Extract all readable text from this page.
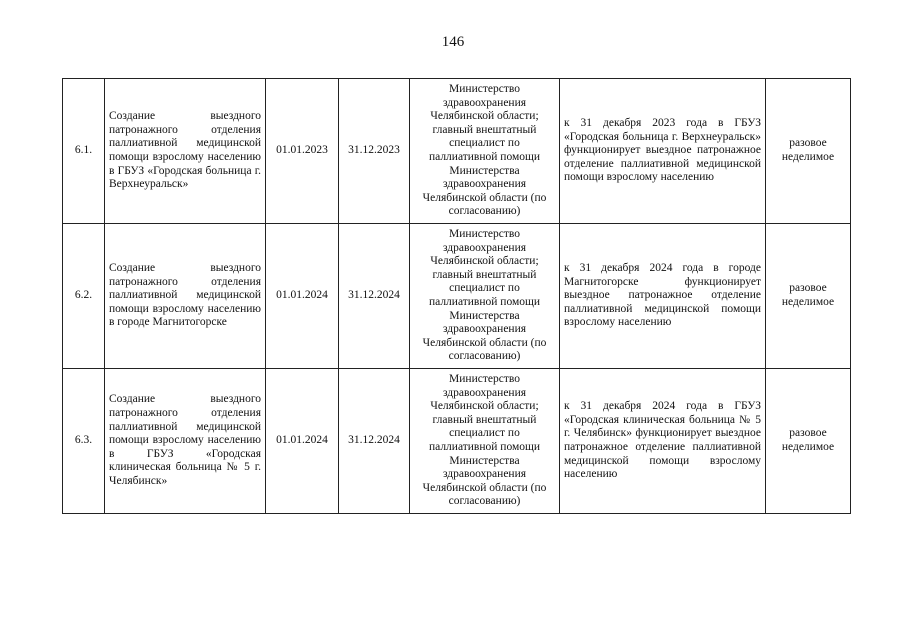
146
6.1.	Создание выездного патронажного отделения паллиативной медицинской помощи взрослому населению в ГБУЗ «Городская больница г. Верхнеуральск»	01.01.2023	31.12.2023	Министерство здравоохранения Челябинской области; главный внештатный специалист по паллиативной помощи Министерства здравоохранения Челябинской области (по согласованию)	к 31 декабря 2023 года в ГБУЗ «Городская больница г. Верхнеуральск» функционирует выездное патронажное отделение паллиативной медицинской помощи взрослому населению	разовое неделимое
6.2.	Создание выездного патронажного отделения паллиативной медицинской помощи взрослому населению в городе Магнитогорске	01.01.2024	31.12.2024	Министерство здравоохранения Челябинской области; главный внештатный специалист по паллиативной помощи Министерства здравоохранения Челябинской области (по согласованию)	к 31 декабря 2024 года в городе Магнитогорске функционирует выездное патронажное отделение паллиативной медицинской помощи взрослому населению	разовое неделимое
6.3.	Создание выездного патронажного отделения паллиативной медицинской помощи взрослому населению в ГБУЗ «Городская клиническая больница № 5 г. Челябинск»	01.01.2024	31.12.2024	Министерство здравоохранения Челябинской области; главный внештатный специалист по паллиативной помощи Министерства здравоохранения Челябинской области (по согласованию)	к 31 декабря 2024 года в ГБУЗ «Городская клиническая больница № 5 г. Челябинск» функционирует выездное патронажное отделение паллиативной медицинской помощи взрослому населению	разовое неделимое
